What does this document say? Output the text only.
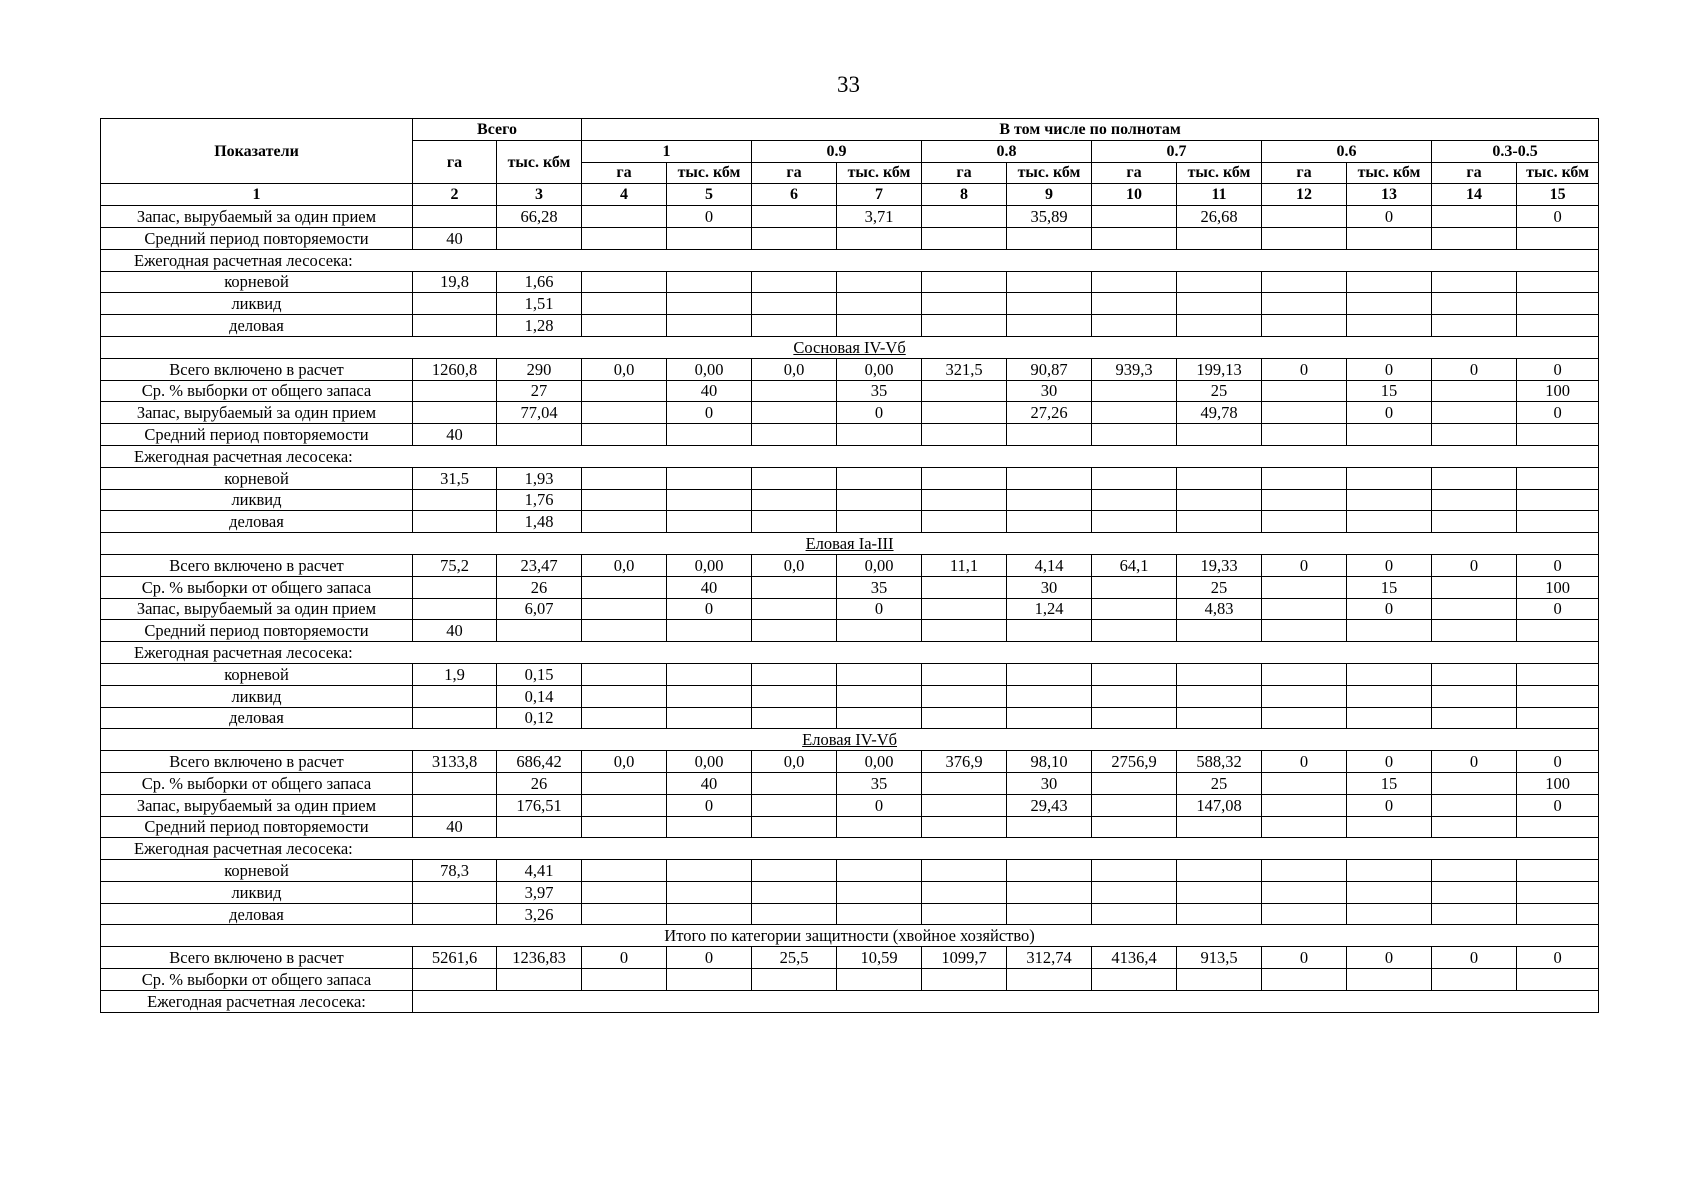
33
Показатели	Всего		В том числе по полнотам											
	га	тыс. кбм	1		0.9		0.8		0.7		0.6		0.3-0.5	
			га	тыс. кбм	га	тыс. кбм	га	тыс. кбм	га	тыс. кбм	га	тыс. кбм	га	тыс. кбм
1	2	3	4	5	6	7	8	9	10	11	12	13	14	15
Запас, вырубаемый за один прием		66,28		0		3,71		35,89		26,68		0		0
Средний период повторяемости	40													
Ежегодная расчетная лесосека:														
корневой	19,8	1,66												
ликвид		1,51												
деловая		1,28												
Сосновая IV-Vб														
Всего включено в расчет	1260,8	290	0,0	0,00	0,0	0,00	321,5	90,87	939,3	199,13	0	0	0	0
Ср. % выборки от общего запаса		27		40		35		30		25		15		100
Запас, вырубаемый за один прием		77,04		0		0		27,26		49,78		0		0
Средний период повторяемости	40													
Ежегодная расчетная лесосека:														
корневой	31,5	1,93												
ликвид		1,76												
деловая		1,48												
Еловая Ia-III														
Всего включено в расчет	75,2	23,47	0,0	0,00	0,0	0,00	11,1	4,14	64,1	19,33	0	0	0	0
Ср. % выборки от общего запаса		26		40		35		30		25		15		100
Запас, вырубаемый за один прием		6,07		0		0		1,24		4,83		0		0
Средний период повторяемости	40													
Ежегодная расчетная лесосека:														
корневой	1,9	0,15												
ликвид		0,14												
деловая		0,12												
Еловая IV-Vб														
Всего включено в расчет	3133,8	686,42	0,0	0,00	0,0	0,00	376,9	98,10	2756,9	588,32	0	0	0	0
Ср. % выборки от общего запаса		26		40		35		30		25		15		100
Запас, вырубаемый за один прием		176,51		0		0		29,43		147,08		0		0
Средний период повторяемости	40													
Ежегодная расчетная лесосека:														
корневой	78,3	4,41												
ликвид		3,97												
деловая		3,26												
Итого по категории защитности (хвойное хозяйство)														
Всего включено в расчет	5261,6	1236,83	0	0	25,5	10,59	1099,7	312,74	4136,4	913,5	0	0	0	0
Ср. % выборки от общего запаса														
Ежегодная расчетная лесосека:														
